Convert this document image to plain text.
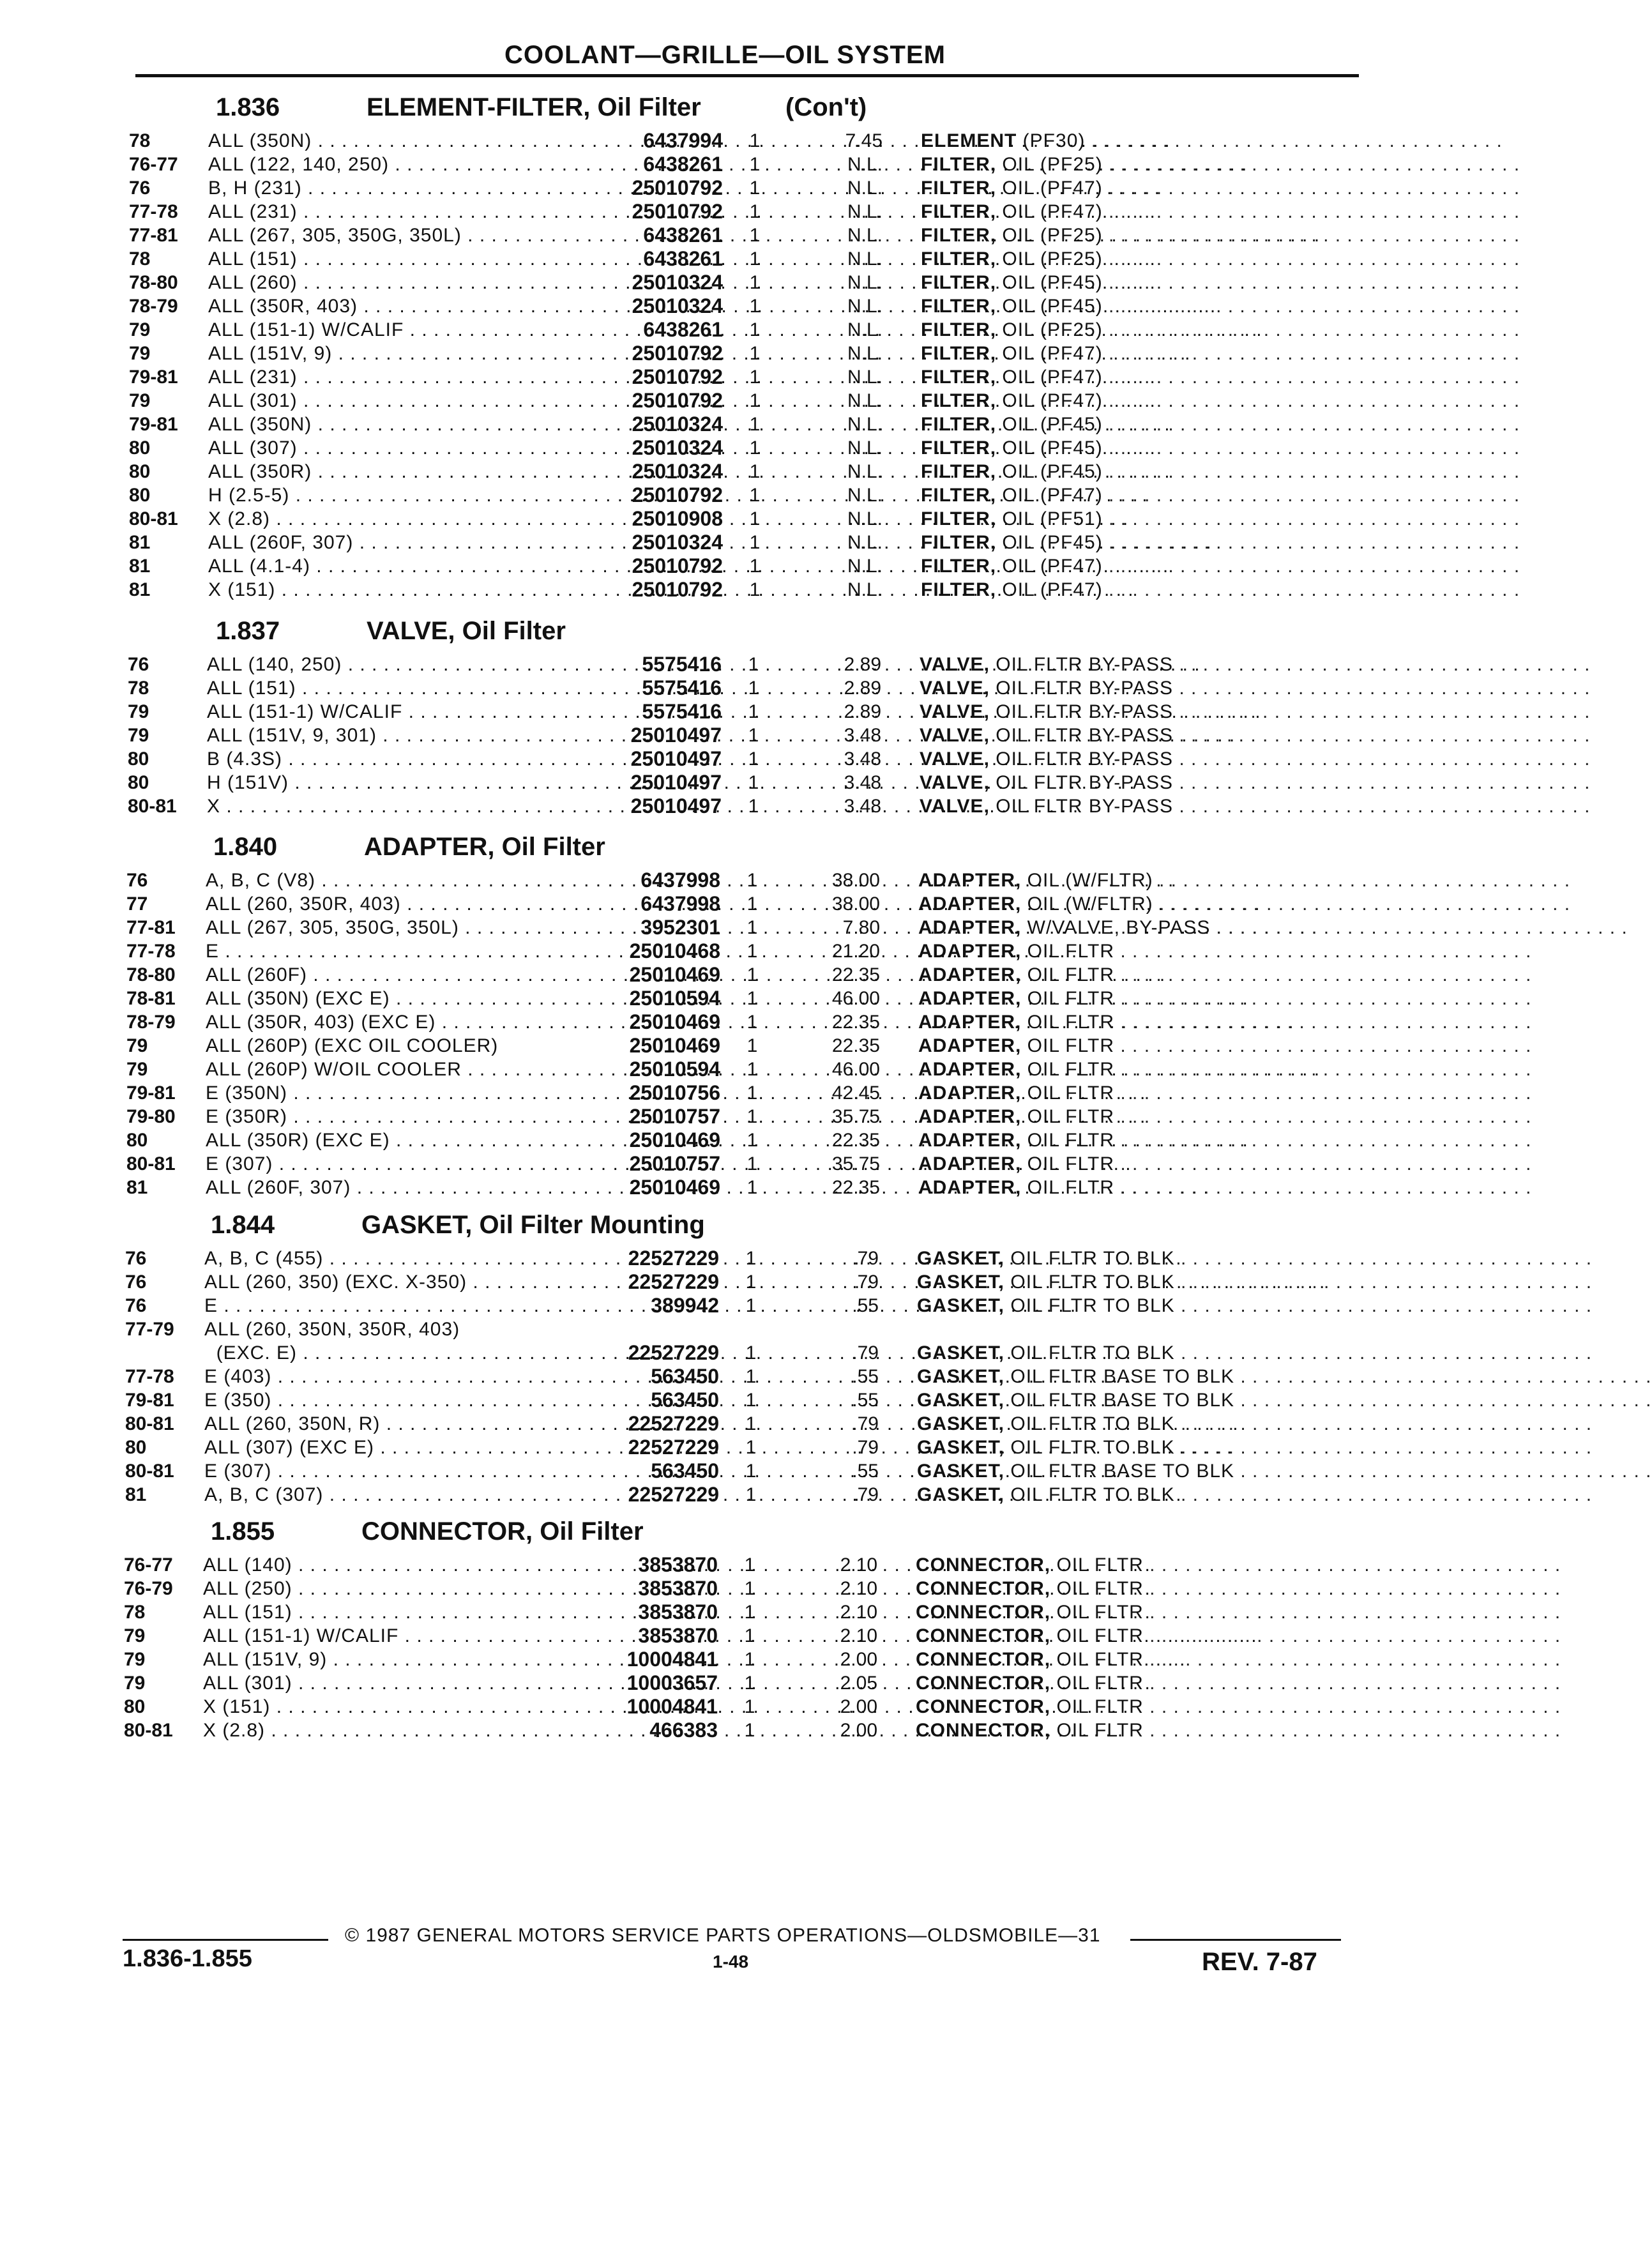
COOLANT—GRILLE—OIL SYSTEM
1.836	ELEMENT-FILTER, Oil Filter	(Con't)
78	ALL (350N) . . .	6437994	1	7.45 ELEMENT (PF30) . . . . . . . . . . . . . . . . . . . . . . . . . . . . . . . . . . .
76-77	ALL (122, 140, 250) . . .	6438261	1	N.L. FILTER, OIL (PF25) . . . . . . . . . . . . . . . . . . . . . . . . . . . . . . . . . . .
76	B, H (231) . . .	25010792	1	N.L. FILTER, OIL (PF47) . . . . . . . . . . . . . . . . . . . . . . . . . . . . . . . . . . .
77-78	ALL (231) . . .	25010792	1	N.L. FILTER, OIL (PF47) . . . . . . . . . . . . . . . . . . . . . . . . . . . . . . . . . . .
77-81	ALL (267, 305, 350G, 350L) . . .	6438261	1	N.L. FILTER, OIL (PF25) . . . . . . . . . . . . . . . . . . . . . . . . . . . . . . . . . . .
78	ALL (151) . . .	6438261	1	N.L. FILTER, OIL (PF25) . . . . . . . . . . . . . . . . . . . . . . . . . . . . . . . . . . .
78-80	ALL (260) . . .	25010324	1	N.L. FILTER, OIL (PF45) . . . . . . . . . . . . . . . . . . . . . . . . . . . . . . . . . . .
78-79	ALL (350R, 403) . . .	25010324	1	N.L. FILTER, OIL (PF45) . . . . . . . . . . . . . . . . . . . . . . . . . . . . . . . . . . .
79	ALL (151-1) W/CALIF . . .	6438261	1	N.L. FILTER, OIL (PF25) . . . . . . . . . . . . . . . . . . . . . . . . . . . . . . . . . . .
79	ALL (151V, 9) . . .	25010792	1	N.L. FILTER, OIL (PF47) . . . . . . . . . . . . . . . . . . . . . . . . . . . . . . . . . . .
79-81	ALL (231) . . .	25010792	1	N.L. FILTER, OIL (PF47) . . . . . . . . . . . . . . . . . . . . . . . . . . . . . . . . . . .
79	ALL (301) . . .	25010792	1	N.L. FILTER, OIL (PF47) . . . . . . . . . . . . . . . . . . . . . . . . . . . . . . . . . . .
79-81	ALL (350N) . . .	25010324	1	N.L. FILTER, OIL (PF45) . . . . . . . . . . . . . . . . . . . . . . . . . . . . . . . . . . .
80	ALL (307) . . .	25010324	1	N.L. FILTER, OIL (PF45) . . . . . . . . . . . . . . . . . . . . . . . . . . . . . . . . . . .
80	ALL (350R) . . .	25010324	1	N.L. FILTER, OIL (PF45) . . . . . . . . . . . . . . . . . . . . . . . . . . . . . . . . . . .
80	H (2.5-5) . . .	25010792	1	N.L. FILTER, OIL (PF47) . . . . . . . . . . . . . . . . . . . . . . . . . . . . . . . . . . .
80-81	X (2.8) . . .	25010908	1	N.L. FILTER, OIL (PF51) . . . . . . . . . . . . . . . . . . . . . . . . . . . . . . . . . . .
81	ALL (260F, 307) . . .	25010324	1	N.L. FILTER, OIL (PF45) . . . . . . . . . . . . . . . . . . . . . . . . . . . . . . . . . . .
81	ALL (4.1-4) . . .	25010792	1	N.L. FILTER, OIL (PF47) . . . . . . . . . . . . . . . . . . . . . . . . . . . . . . . . . . .
81	X (151) . . .	25010792	1	N.L. FILTER, OIL (PF47) . . . . . . . . . . . . . . . . . . . . . . . . . . . . . . . . . . .
1.837	VALVE, Oil Filter
76	ALL (140, 250) . . .	5575416	1	2.89 VALVE, OIL FLTR BY-PASS . . . . . . . . . . . . . . . . . . . . . . . . . . . . . . . . . . .
78	ALL (151) . . .	5575416	1	2.89 VALVE, OIL FLTR BY-PASS . . . . . . . . . . . . . . . . . . . . . . . . . . . . . . . . . . .
79	ALL (151-1) W/CALIF . . .	5575416	1	2.89 VALVE, OIL FLTR BY-PASS . . . . . . . . . . . . . . . . . . . . . . . . . . . . . . . . . . .
79	ALL (151V, 9, 301) . . .	25010497	1	3.48 VALVE, OIL FLTR BY-PASS . . . . . . . . . . . . . . . . . . . . . . . . . . . . . . . . . . .
80	B (4.3S) . . .	25010497	1	3.48 VALVE, OIL FLTR BY-PASS . . . . . . . . . . . . . . . . . . . . . . . . . . . . . . . . . . .
80	H (151V) . . .	25010497	1	3.48 VALVE, OIL FLTR BY-PASS . . . . . . . . . . . . . . . . . . . . . . . . . . . . . . . . . . .
80-81	X . . .	25010497	1	3.48 VALVE, OIL FLTR BY-PASS . . . . . . . . . . . . . . . . . . . . . . . . . . . . . . . . . . .
1.840	ADAPTER, Oil Filter
76	A, B, C (V8) . . .	6437998	1	38.00 ADAPTER, OIL (W/FLTR) . . . . . . . . . . . . . . . . . . . . . . . . . . . . . . . . . . .
77	ALL (260, 350R, 403) . . .	6437998	1	38.00 ADAPTER, OIL (W/FLTR) . . . . . . . . . . . . . . . . . . . . . . . . . . . . . . . . . . .
77-81	ALL (267, 305, 350G, 350L) . . .	3952301	1	7.80 ADAPTER, W/VALVE, BY-PASS . . . . . . . . . . . . . . . . . . . . . . . . . . . . . . . . . . .
77-78	E . . .	25010468	1	21.20 ADAPTER, OIL FLTR . . . . . . . . . . . . . . . . . . . . . . . . . . . . . . . . . . .
78-80	ALL (260F) . . .	25010469	1	22.35 ADAPTER, OIL FLTR . . . . . . . . . . . . . . . . . . . . . . . . . . . . . . . . . . .
78-81	ALL (350N) (EXC E) . . .	25010594	1	46.00 ADAPTER, OIL FLTR . . . . . . . . . . . . . . . . . . . . . . . . . . . . . . . . . . .
78-79	ALL (350R, 403) (EXC E) . . .	25010469	1	22.35 ADAPTER, OIL FLTR . . . . . . . . . . . . . . . . . . . . . . . . . . . . . . . . . . .
79	ALL (260P) (EXC OIL COOLER)	25010469	1	22.35 ADAPTER, OIL FLTR . . . . . . . . . . . . . . . . . . . . . . . . . . . . . . . . . . .
79	ALL (260P) W/OIL COOLER . . .	25010594	1	46.00 ADAPTER, OIL FLTR . . . . . . . . . . . . . . . . . . . . . . . . . . . . . . . . . . .
79-81	E (350N) . . .	25010756	1	42.45 ADAPTER, OIL FLTR . . . . . . . . . . . . . . . . . . . . . . . . . . . . . . . . . . .
79-80	E (350R) . . .	25010757	1	35.75 ADAPTER, OIL FLTR . . . . . . . . . . . . . . . . . . . . . . . . . . . . . . . . . . .
80	ALL (350R) (EXC E) . . .	25010469	1	22.35 ADAPTER, OIL FLTR . . . . . . . . . . . . . . . . . . . . . . . . . . . . . . . . . . .
80-81	E (307) . . .	25010757	1	35.75 ADAPTER, OIL FLTR . . . . . . . . . . . . . . . . . . . . . . . . . . . . . . . . . . .
81	ALL (260F, 307) . . .	25010469	1	22.35 ADAPTER, OIL FLTR . . . . . . . . . . . . . . . . . . . . . . . . . . . . . . . . . . .
1.844	GASKET, Oil Filter Mounting
76	A, B, C (455) . . .	22527229	1	.79 GASKET, OIL FLTR TO BLK . . . . . . . . . . . . . . . . . . . . . . . . . . . . . . . . . . .
76	ALL (260, 350) (EXC. X-350) . . .	22527229	1	.79 GASKET, OIL FLTR TO BLK . . . . . . . . . . . . . . . . . . . . . . . . . . . . . . . . . . .
76	E . . .	389942	1	.55 GASKET, OIL FLTR TO BLK . . . . . . . . . . . . . . . . . . . . . . . . . . . . . . . . . . .
77-79	ALL (260, 350N, 350R, 403)
(EXC. E) . . .	22527229	1	.79 GASKET, OIL FLTR TO BLK . . . . . . . . . . . . . . . . . . . . . . . . . . . . . . . . . . .
77-78	E (403) . . .	563450	1	.55 GASKET, OIL FLTR BASE TO BLK . . . . . . . . . . . . . . . . . . . . . . . . . . . . . . . . . . .
79-81	E (350) . . .	563450	1	.55 GASKET, OIL FLTR BASE TO BLK . . . . . . . . . . . . . . . . . . . . . . . . . . . . . . . . . . .
80-81	ALL (260, 350N, R) . . .	22527229	1	.79 GASKET, OIL FLTR TO BLK . . . . . . . . . . . . . . . . . . . . . . . . . . . . . . . . . . .
80	ALL (307) (EXC E) . . .	22527229	1	.79 GASKET, OIL FLTR TO BLK . . . . . . . . . . . . . . . . . . . . . . . . . . . . . . . . . . .
80-81	E (307) . . .	563450	1	.55 GASKET, OIL FLTR BASE TO BLK . . . . . . . . . . . . . . . . . . . . . . . . . . . . . . . . . . .
81	A, B, C (307) . . .	22527229	1	.79 GASKET, OIL FLTR TO BLK . . . . . . . . . . . . . . . . . . . . . . . . . . . . . . . . . . .
1.855	CONNECTOR, Oil Filter
76-77	ALL (140) . . .	3853870	1	2.10 CONNECTOR, OIL FLTR . . . . . . . . . . . . . . . . . . . . . . . . . . . . . . . . . . .
76-79	ALL (250) . . .	3853870	1	2.10 CONNECTOR, OIL FLTR . . . . . . . . . . . . . . . . . . . . . . . . . . . . . . . . . . .
78	ALL (151) . . .	3853870	1	2.10 CONNECTOR, OIL FLTR . . . . . . . . . . . . . . . . . . . . . . . . . . . . . . . . . . .
79	ALL (151-1) W/CALIF . . .	3853870	1	2.10 CONNECTOR, OIL FLTR . . . . . . . . . . . . . . . . . . . . . . . . . . . . . . . . . . .
79	ALL (151V, 9) . . .	10004841	1	2.00 CONNECTOR, OIL FLTR . . . . . . . . . . . . . . . . . . . . . . . . . . . . . . . . . . .
79	ALL (301) . . .	10003657	1	2.05 CONNECTOR, OIL FLTR . . . . . . . . . . . . . . . . . . . . . . . . . . . . . . . . . . .
80	X (151) . . .	10004841	1	2.00 CONNECTOR, OIL FLTR . . . . . . . . . . . . . . . . . . . . . . . . . . . . . . . . . . .
80-81	X (2.8) . . .	466383	1	2.00 CONNECTOR, OIL FLTR . . . . . . . . . . . . . . . . . . . . . . . . . . . . . . . . . . .
1.836-1.855
© 1987 GENERAL MOTORS SERVICE PARTS OPERATIONS—OLDSMOBILE—31
1-48	REV. 7-87
